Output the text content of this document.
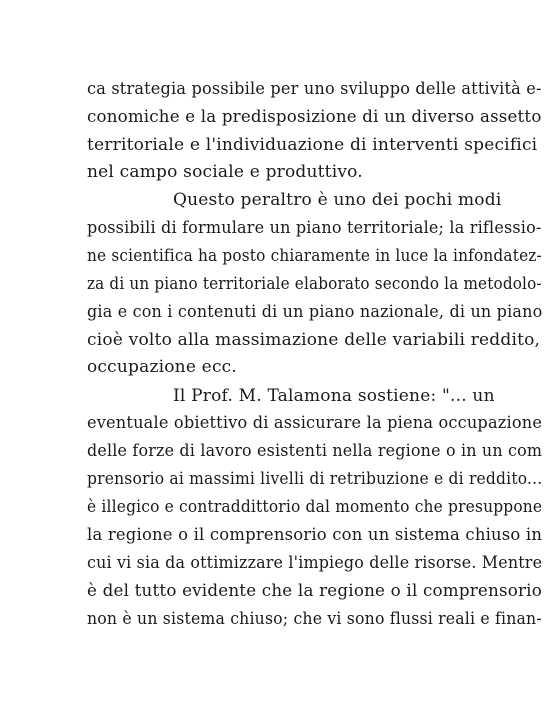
ca strategia possibile per uno sviluppo delle attività e-
conomiche e la predisposizione di un diverso assetto
territoriale e l'individuazione di interventi specifici
nel campo sociale e produttivo.
Questo peraltro è uno dei pochi modi
possibili di formulare un piano territoriale; la riflessio-
ne scientifica ha posto chiaramente in luce la infondatez-
za di un piano territoriale elaborato secondo la metodolo-
gia e con i contenuti di un piano nazionale, di un piano
cioè volto alla massimazione delle variabili reddito,
occupazione ecc.
Il Prof. M. Talamona sostiene: "... un
eventuale obiettivo di assicurare la piena occupazione
delle forze di lavoro esistenti nella regione o in un com
prensorio ai massimi livelli di retribuzione e di reddito...
è illegico e contraddittorio dal momento che presuppone
la regione o il comprensorio con un sistema chiuso in
cui vi sia da ottimizzare l'impiego delle risorse. Mentre
è del tutto evidente che la regione o il comprensorio
non è un sistema chiuso; che vi sono flussi reali e finan-
